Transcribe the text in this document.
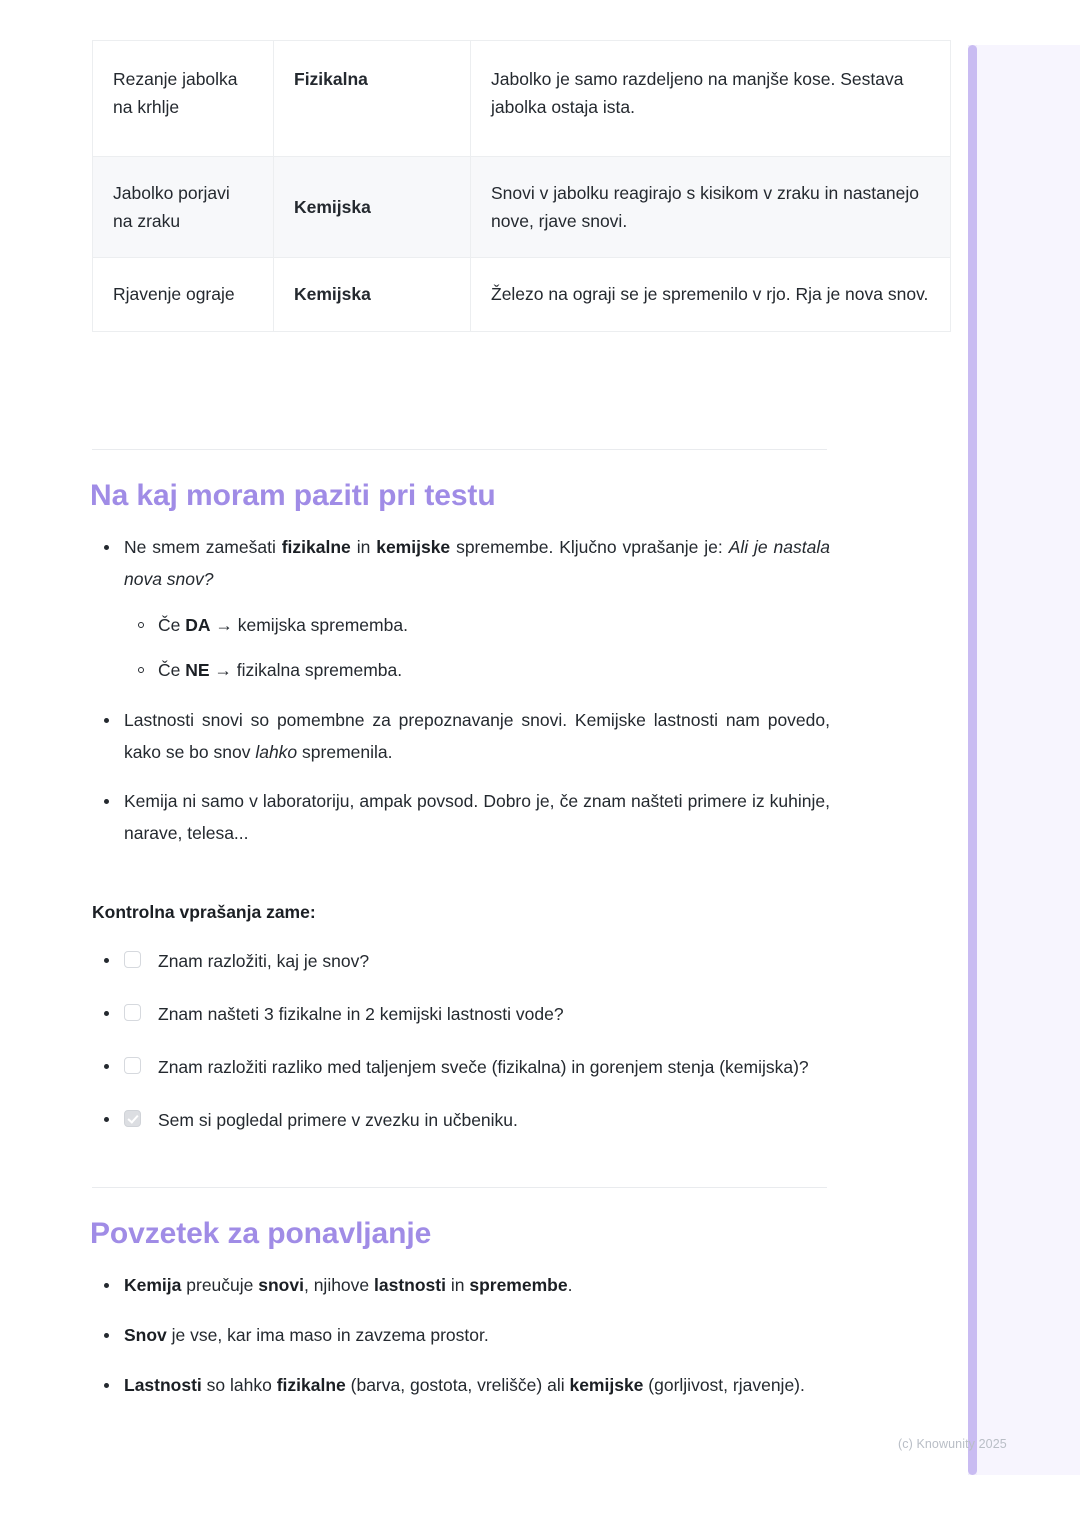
Rezanje jabolka na krhlje	Fizikalna	Jabolko je samo razdeljeno na manjše kose. Sestava jabolka ostaja ista.
Jabolko porjavi na zraku	Kemijska	Snovi v jabolku reagirajo s kisikom v zraku in nastanejo nove, rjave snovi.
Rjavenje ograje	Kemijska	Železo na ograji se je spremenilo v rjo. Rja je nova snov.
Na kaj moram paziti pri testu
Ne smem zamešati fizikalne in kemijske spremembe. Ključno vprašanje je: Ali je nastala nova snov?
Če DA → kemijska sprememba.
Če NE → fizikalna sprememba.
Lastnosti snovi so pomembne za prepoznavanje snovi. Kemijske lastnosti nam povedo, kako se bo snov lahko spremenila.
Kemija ni samo v laboratoriju, ampak povsod. Dobro je, če znam našteti primere iz kuhinje, narave, telesa...

Kontrolna vprašanja zame:

Znam razložiti, kaj je snov?
Znam našteti 3 fizikalne in 2 kemijski lastnosti vode?
Znam razložiti razliko med taljenjem sveče (fizikalna) in gorenjem stenja (kemijska)?
Sem si pogledal primere v zvezku in učbeniku.
Povzetek za ponavljanje
Kemija preučuje snovi, njihove lastnosti in spremembe.
Snov je vse, kar ima maso in zavzema prostor.
Lastnosti so lahko fizikalne (barva, gostota, vrelišče) ali kemijske (gorljivost, rjavenje).
(c) Knowunity 2025
